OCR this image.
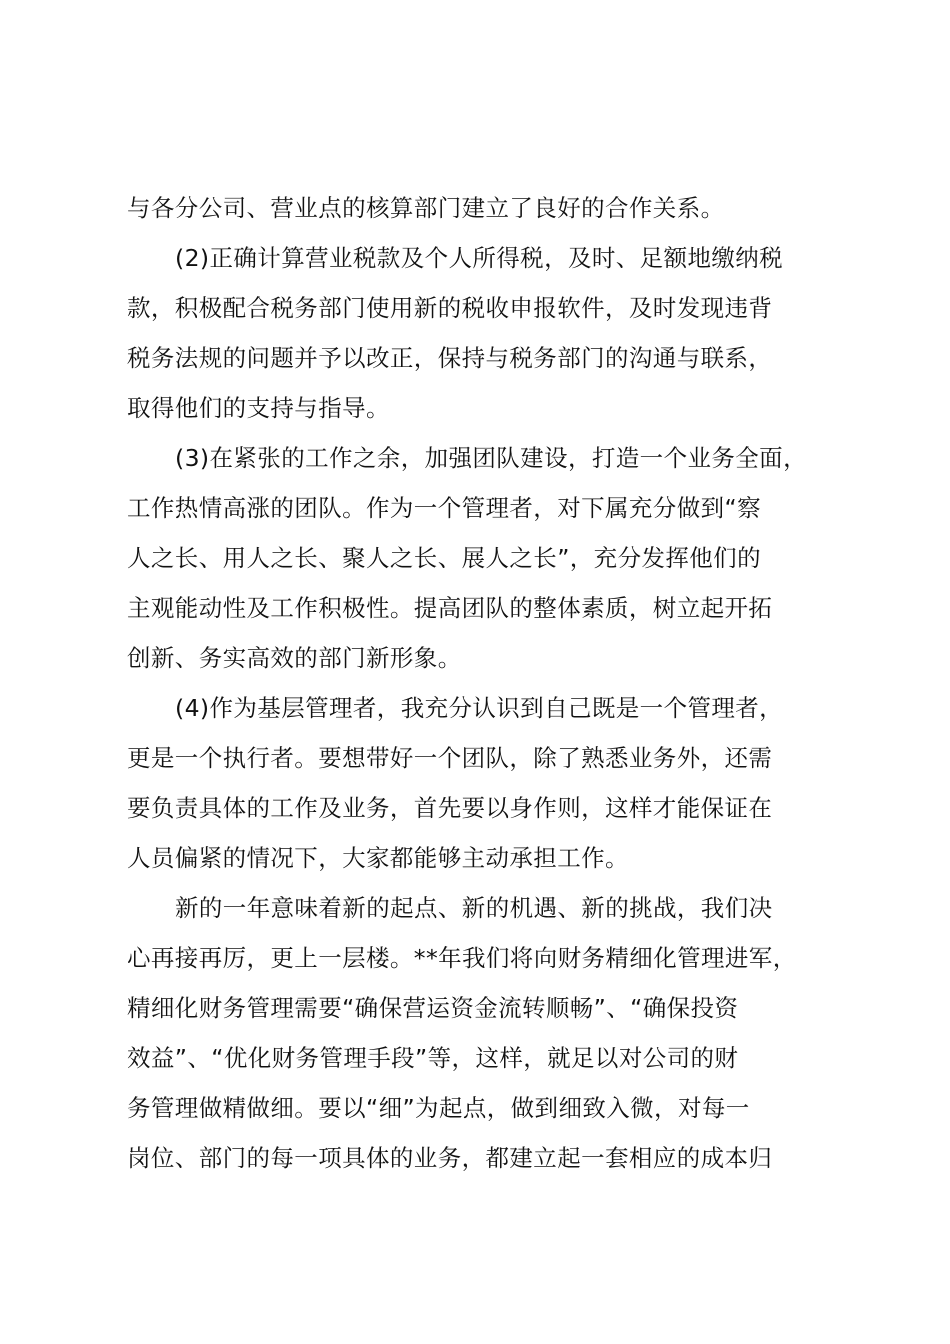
与各分公司、营业点的核算部门建立了良好的合作关系。
(2)正确计算营业税款及个人所得税，及时、足额地缴纳税
款，积极配合税务部门使用新的税收申报软件，及时发现违背
税务法规的问题并予以改正，保持与税务部门的沟通与联系，
取得他们的支持与指导。
(3)在紧张的工作之余，加强团队建设，打造一个业务全面，
工作热情高涨的团队。作为一个管理者，对下属充分做到“察
人之长、用人之长、聚人之长、展人之长”，充分发挥他们的
主观能动性及工作积极性。提高团队的整体素质，树立起开拓
创新、务实高效的部门新形象。
(4)作为基层管理者，我充分认识到自己既是一个管理者，
更是一个执行者。要想带好一个团队，除了熟悉业务外，还需
要负责具体的工作及业务，首先要以身作则，这样才能保证在
人员偏紧的情况下，大家都能够主动承担工作。
新的一年意味着新的起点、新的机遇、新的挑战，我们决
心再接再厉，更上一层楼。**年我们将向财务精细化管理进军，
精细化财务管理需要“确保营运资金流转顺畅”、“确保投资
效益”、“优化财务管理手段”等，这样，就足以对公司的财
务管理做精做细。要以“细”为起点，做到细致入微，对每一
岗位、部门的每一项具体的业务，都建立起一套相应的成本归
